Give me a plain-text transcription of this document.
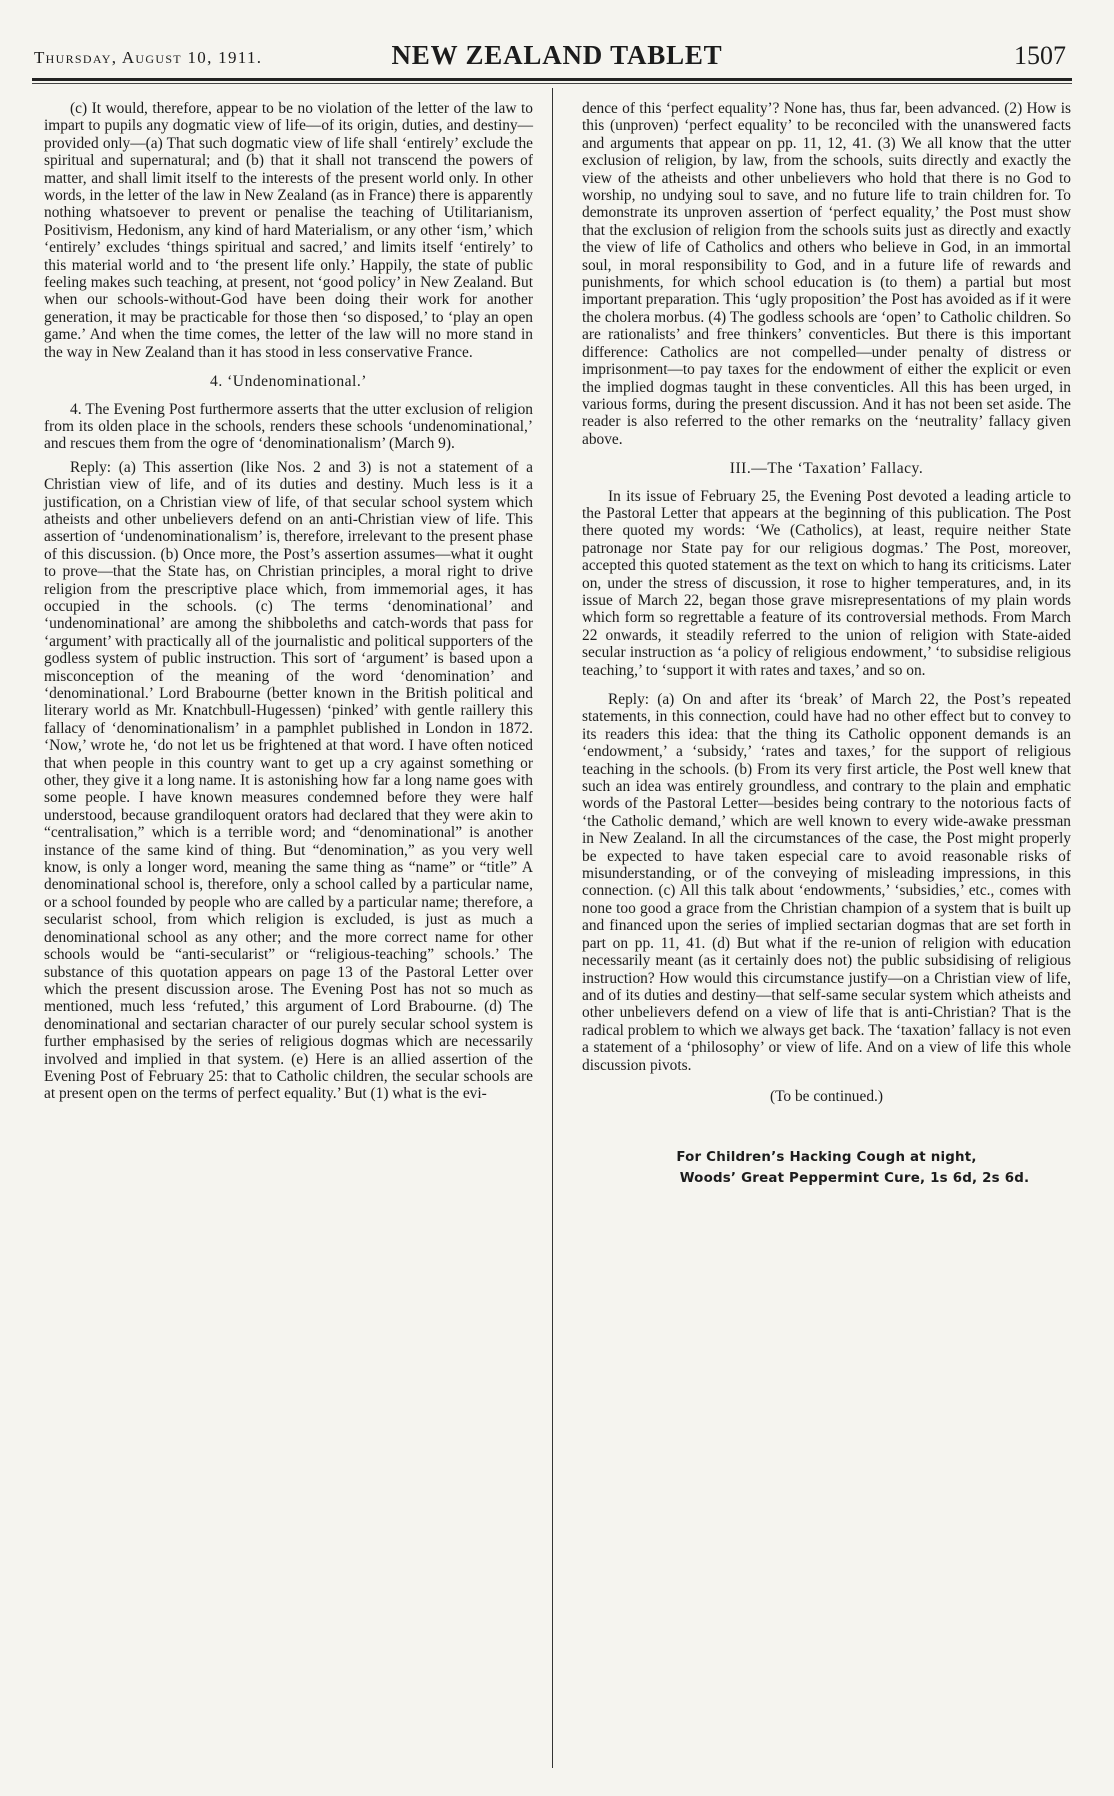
Thursday, August 10, 1911.	NEW ZEALAND TABLET	1507

(c) It would, therefore, appear to be no violation of the letter of the law to impart to pupils any dogmatic view of life—of its origin, duties, and destiny—provided only—(a) That such dogmatic view of life shall ‘entirely’ exclude the spiritual and supernatural; and (b) that it shall not transcend the powers of matter, and shall limit itself to the interests of the present world only. In other words, in the letter of the law in New Zealand (as in France) there is apparently nothing whatsoever to prevent or penalise the teaching of Utilitarianism, Positivism, Hedonism, any kind of hard Materialism, or any other ‘ism,’ which ‘entirely’ excludes ‘things spiritual and sacred,’ and limits itself ‘entirely’ to this material world and to ‘the present life only.’ Happily, the state of public feeling makes such teaching, at present, not ‘good policy’ in New Zealand. But when our schools-without-God have been doing their work for another generation, it may be practicable for those then ‘so disposed,’ to ‘play an open game.’ And when the time comes, the letter of the law will no more stand in the way in New Zealand than it has stood in less conservative France.

4. ‘Undenominational.’

4. The Evening Post furthermore asserts that the utter exclusion of religion from its olden place in the schools, renders these schools ‘undenominational,’ and rescues them from the ogre of ‘denominationalism’ (March 9).

Reply: (a) This assertion (like Nos. 2 and 3) is not a statement of a Christian view of life, and of its duties and destiny. Much less is it a justification, on a Christian view of life, of that secular school system which atheists and other unbelievers defend on an anti-Christian view of life. This assertion of ‘undenominationalism’ is, therefore, irrelevant to the present phase of this discussion. (b) Once more, the Post’s assertion assumes—what it ought to prove—that the State has, on Christian principles, a moral right to drive religion from the prescriptive place which, from immemorial ages, it has occupied in the schools. (c) The terms ‘denominational’ and ‘undenominational’ are among the shibboleths and catch-words that pass for ‘argument’ with practically all of the journalistic and political supporters of the godless system of public instruction. This sort of ‘argument’ is based upon a misconception of the meaning of the word ‘denomination’ and ‘denominational.’ Lord Brabourne (better known in the British political and literary world as Mr. Knatchbull-Hugessen) ‘pinked’ with gentle raillery this fallacy of ‘denominationalism’ in a pamphlet published in London in 1872. ‘Now,’ wrote he, ‘do not let us be frightened at that word. I have often noticed that when people in this country want to get up a cry against something or other, they give it a long name. It is astonishing how far a long name goes with some people. I have known measures condemned before they were half understood, because grandiloquent orators had declared that they were akin to “centralisation,” which is a terrible word; and “denominational” is another instance of the same kind of thing. But “denomination,” as you very well know, is only a longer word, meaning the same thing as “name” or “title” A denominational school is, therefore, only a school called by a particular name, or a school founded by people who are called by a particular name; therefore, a secularist school, from which religion is excluded, is just as much a denominational school as any other; and the more correct name for other schools would be “anti-secularist” or “religious-teaching” schools.’ The substance of this quotation appears on page 13 of the Pastoral Letter over which the present discussion arose. The Evening Post has not so much as mentioned, much less ‘refuted,’ this argument of Lord Brabourne. (d) The denominational and sectarian character of our purely secular school system is further emphasised by the series of religious dogmas which are necessarily involved and implied in that system. (e) Here is an allied assertion of the Evening Post of February 25: that to Catholic children, the secular schools are at present open on the terms of perfect equality.’ But (1) what is the evi-

dence of this ‘perfect equality’? None has, thus far, been advanced. (2) How is this (unproven) ‘perfect equality’ to be reconciled with the unanswered facts and arguments that appear on pp. 11, 12, 41. (3) We all know that the utter exclusion of religion, by law, from the schools, suits directly and exactly the view of the atheists and other unbelievers who hold that there is no God to worship, no undying soul to save, and no future life to train children for. To demonstrate its unproven assertion of ‘perfect equality,’ the Post must show that the exclusion of religion from the schools suits just as directly and exactly the view of life of Catholics and others who believe in God, in an immortal soul, in moral responsibility to God, and in a future life of rewards and punishments, for which school education is (to them) a partial but most important preparation. This ‘ugly proposition’ the Post has avoided as if it were the cholera morbus. (4) The godless schools are ‘open’ to Catholic children. So are rationalists’ and free thinkers’ conventicles. But there is this important difference: Catholics are not compelled—under penalty of distress or imprisonment—to pay taxes for the endowment of either the explicit or even the implied dogmas taught in these conventicles. All this has been urged, in various forms, during the present discussion. And it has not been set aside. The reader is also referred to the other remarks on the ‘neutrality’ fallacy given above.

III.—The ‘Taxation’ Fallacy.

In its issue of February 25, the Evening Post devoted a leading article to the Pastoral Letter that appears at the beginning of this publication. The Post there quoted my words: ‘We (Catholics), at least, require neither State patronage nor State pay for our religious dogmas.’ The Post, moreover, accepted this quoted statement as the text on which to hang its criticisms. Later on, under the stress of discussion, it rose to higher temperatures, and, in its issue of March 22, began those grave misrepresentations of my plain words which form so regrettable a feature of its controversial methods. From March 22 onwards, it steadily referred to the union of religion with State-aided secular instruction as ‘a policy of religious endowment,’ ‘to subsidise religious teaching,’ to ‘support it with rates and taxes,’ and so on.

Reply: (a) On and after its ‘break’ of March 22, the Post’s repeated statements, in this connection, could have had no other effect but to convey to its readers this idea: that the thing its Catholic opponent demands is an ‘endowment,’ a ‘subsidy,’ ‘rates and taxes,’ for the support of religious teaching in the schools. (b) From its very first article, the Post well knew that such an idea was entirely groundless, and contrary to the plain and emphatic words of the Pastoral Letter—besides being contrary to the notorious facts of ‘the Catholic demand,’ which are well known to every wide-awake pressman in New Zealand. In all the circumstances of the case, the Post might properly be expected to have taken especial care to avoid reasonable risks of misunderstanding, or of the conveying of misleading impressions, in this connection. (c) All this talk about ‘endowments,’ ‘subsidies,’ etc., comes with none too good a grace from the Christian champion of a system that is built up and financed upon the series of implied sectarian dogmas that are set forth in part on pp. 11, 41. (d) But what if the re-union of religion with education necessarily meant (as it certainly does not) the public subsidising of religious instruction? How would this circumstance justify—on a Christian view of life, and of its duties and destiny—that self-same secular system which atheists and other unbelievers defend on a view of life that is anti-Christian? That is the radical problem to which we always get back. The ‘taxation’ fallacy is not even a statement of a ‘philosophy’ or view of life. And on a view of life this whole discussion pivots.

(To be continued.)
For Children’s Hacking Cough at night,
Woods’ Great Peppermint Cure, 1s 6d, 2s 6d.
